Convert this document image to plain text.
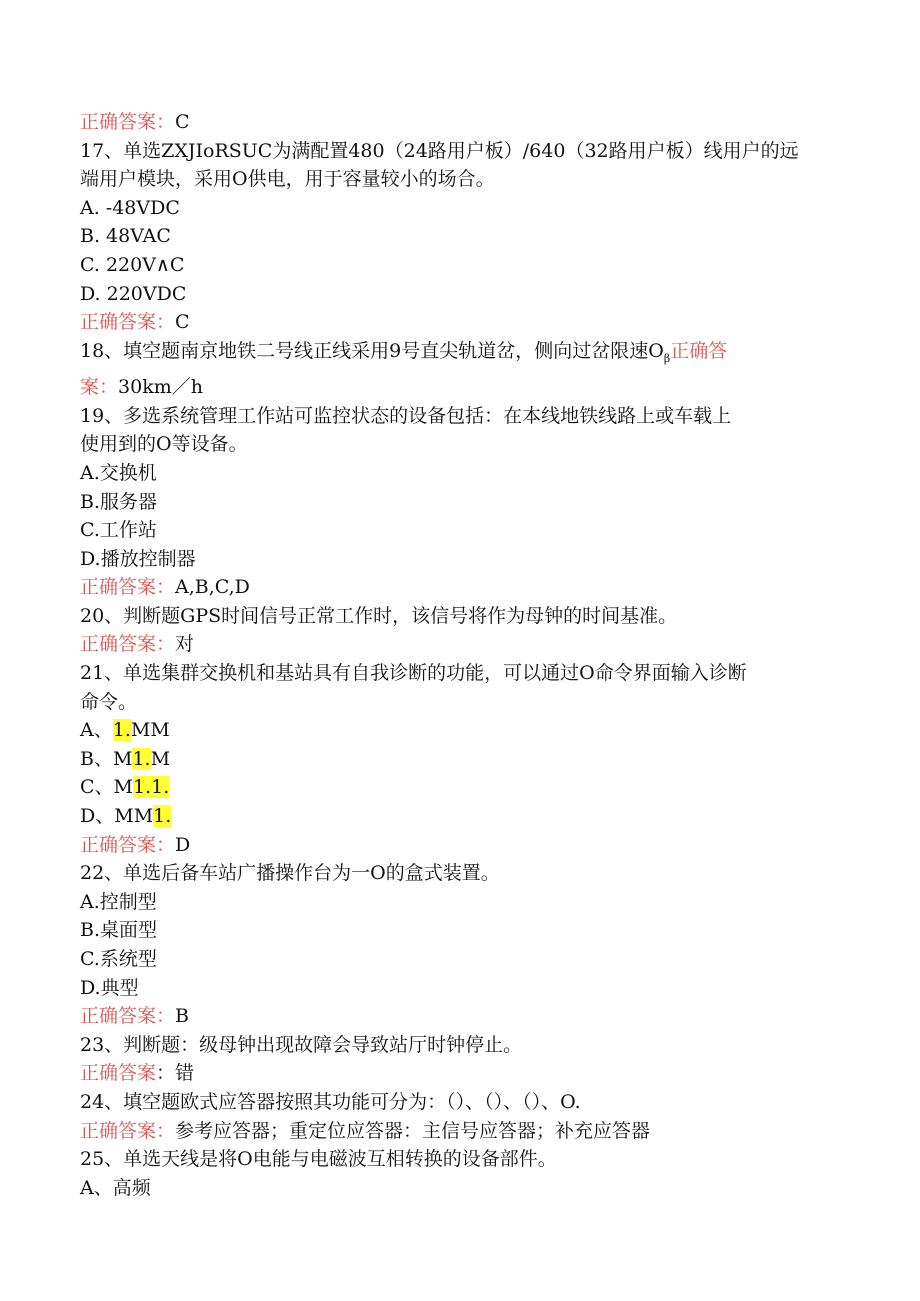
正确答案：C
17、单选ZXJIoRSUC为满配置480（24路用户板）/640（32路用户板）线用户的远
端用户模块，采用O供电，用于容量较小的场合。
A. -48VDC
B. 48VAC
C. 220V∧C
D. 220VDC
正确答案：C
18、填空题南京地铁二号线正线采用9号直尖轨道岔，侧向过岔限速$O_\beta$正确答
案：30km／h
19、多选系统管理工作站可监控状态的设备包括：在本线地铁线路上或车载上
使用到的O等设备。
A.交换机
B.服务器
C.工作站
D.播放控制器
正确答案：A,B,C,D
20、判断题GPS时间信号正常工作时，该信号将作为母钟的时间基准。
正确答案：对
21、单选集群交换机和基站具有自我诊断的功能，可以通过O命令界面输入诊断
命令。
A、1.MM
B、M1.M
C、M1.1.
D、MM1.
正确答案：D
22、单选后备车站广播操作台为一O的盒式装置。
A.控制型
B.桌面型
C.系统型
D.典型
正确答案：B
23、判断题：级母钟出现故障会导致站厅时钟停止。
正确答案：错
24、填空题欧式应答器按照其功能可分为：（）、（）、（）、O.
正确答案：参考应答器；重定位应答器：主信号应答器；补充应答器
25、单选天线是将O电能与电磁波互相转换的设备部件。
A、高频
